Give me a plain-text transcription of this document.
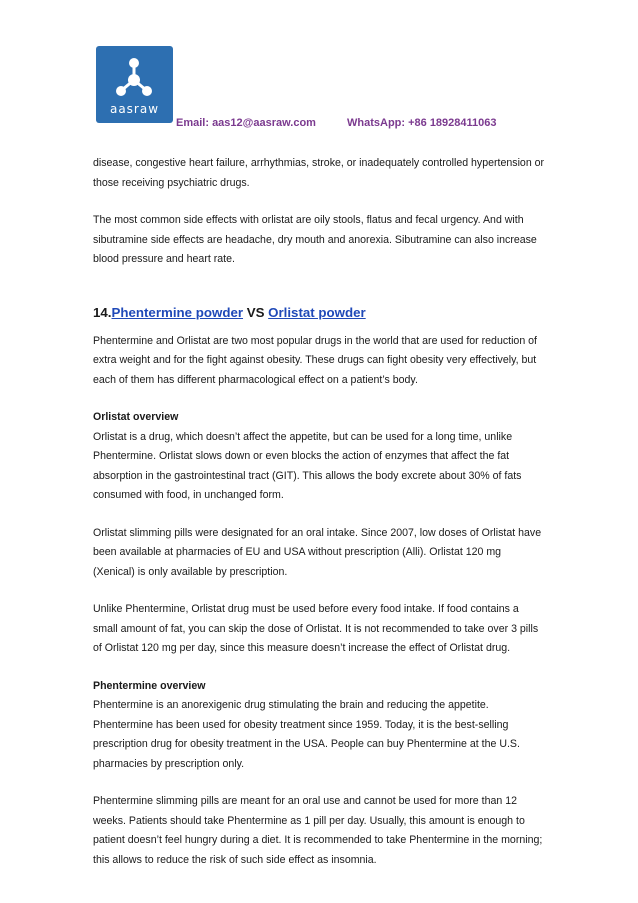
aasraw
Email: aas12@aasraw.com	WhatsApp: +86 18928411063

disease, congestive heart failure, arrhythmias, stroke, or inadequately controlled hypertension or those receiving psychiatric drugs.

The most common side effects with orlistat are oily stools, flatus and fecal urgency. And with sibutramine side effects are headache, dry mouth and anorexia. Sibutramine can also increase blood pressure and heart rate.

14.Phentermine powder VS Orlistat powder

Phentermine and Orlistat are two most popular drugs in the world that are used for reduction of extra weight and for the fight against obesity. These drugs can fight obesity very effectively, but each of them has different pharmacological effect on a patient’s body.

Orlistat overview

Orlistat is a drug, which doesn’t affect the appetite, but can be used for a long time, unlike Phentermine. Orlistat slows down or even blocks the action of enzymes that affect the fat absorption in the gastrointestinal tract (GIT). This allows the body excrete about 30% of fats consumed with food, in unchanged form.

Orlistat slimming pills were designated for an oral intake. Since 2007, low doses of Orlistat have been available at pharmacies of EU and USA without prescription (Alli). Orlistat 120 mg (Xenical) is only available by prescription.

Unlike Phentermine, Orlistat drug must be used before every food intake. If food contains a small amount of fat, you can skip the dose of Orlistat. It is not recommended to take over 3 pills of Orlistat 120 mg per day, since this measure doesn’t increase the effect of Orlistat drug.

Phentermine overview

Phentermine is an anorexigenic drug stimulating the brain and reducing the appetite. Phentermine has been used for obesity treatment since 1959. Today, it is the best-selling prescription drug for obesity treatment in the USA. People can buy Phentermine at the U.S. pharmacies by prescription only.

Phentermine slimming pills are meant for an oral use and cannot be used for more than 12 weeks. Patients should take Phentermine as 1 pill per day. Usually, this amount is enough to patient doesn’t feel hungry during a diet. It is recommended to take Phentermine in the morning; this allows to reduce the risk of such side effect as insomnia.
